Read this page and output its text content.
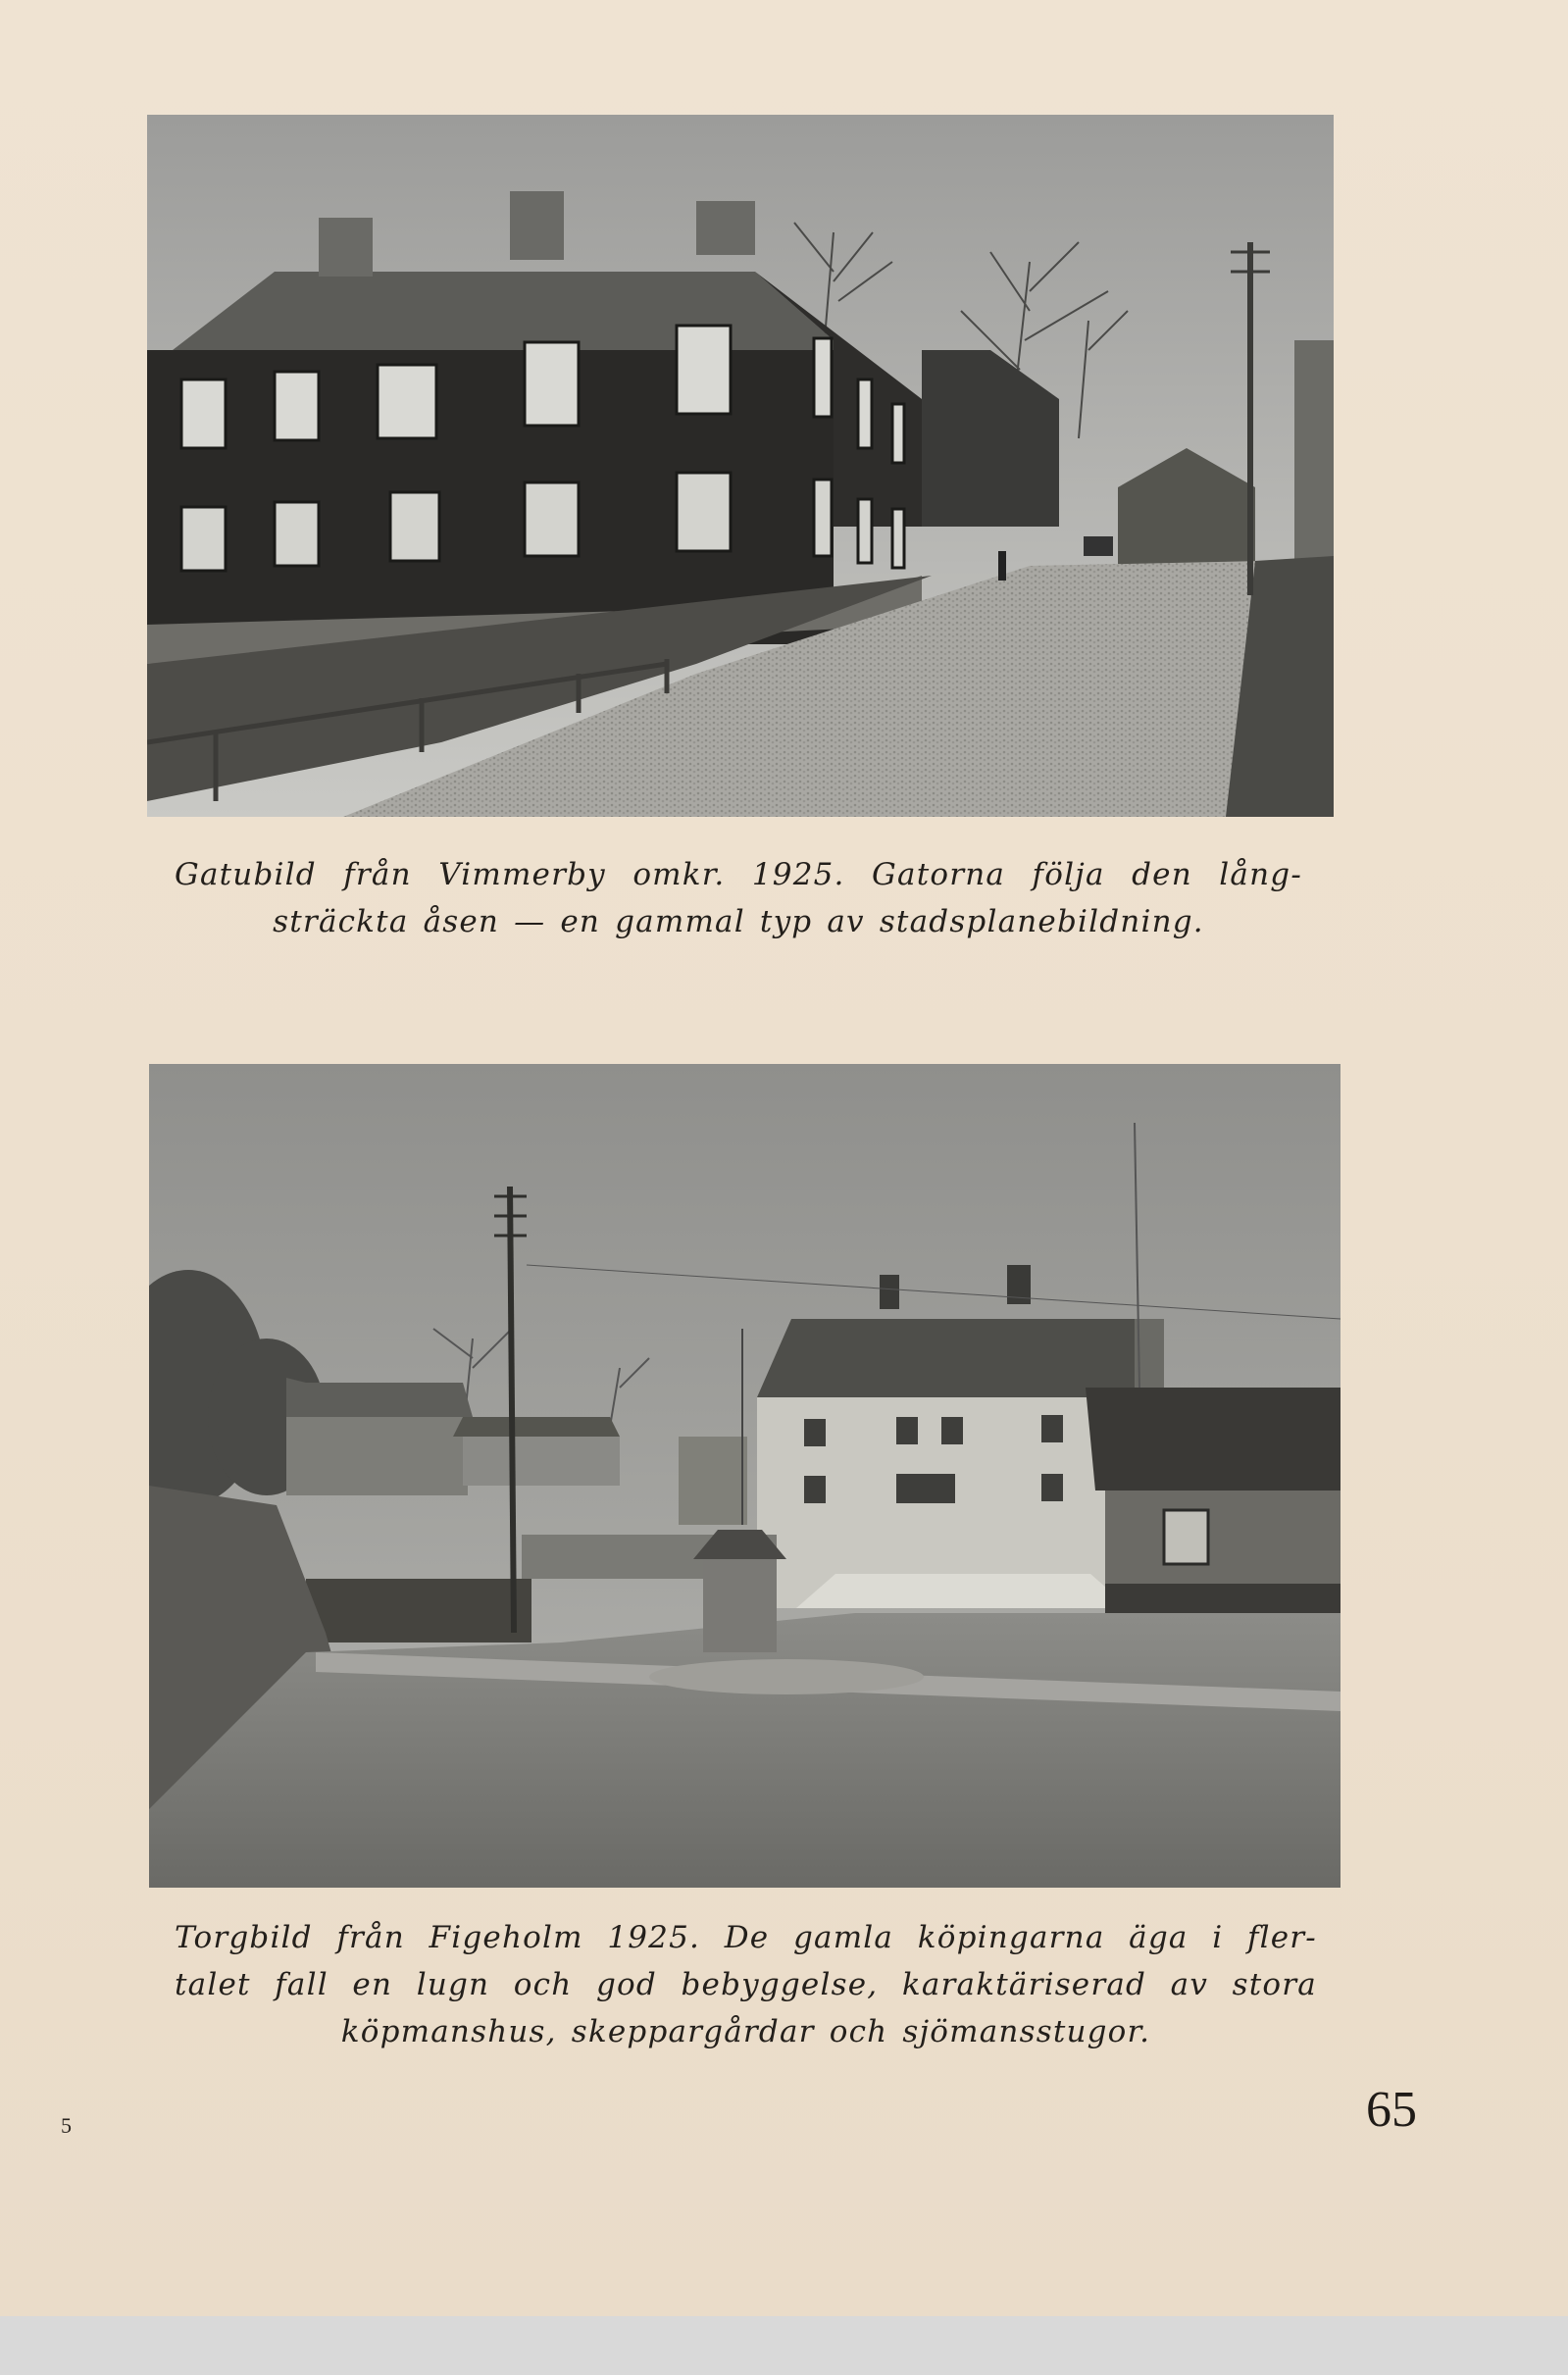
Gatubild från Vimmerby omkr. 1925. Gatorna följa den lång-
sträckta åsen — en gammal typ av stadsplanebildning.
Torgbild från Figeholm 1925. De gamla köpingarna äga i fler-
talet fall en lugn och god bebyggelse, karaktäriserad av stora
köpmanshus, skeppargårdar och sjömansstugor.
5	65
